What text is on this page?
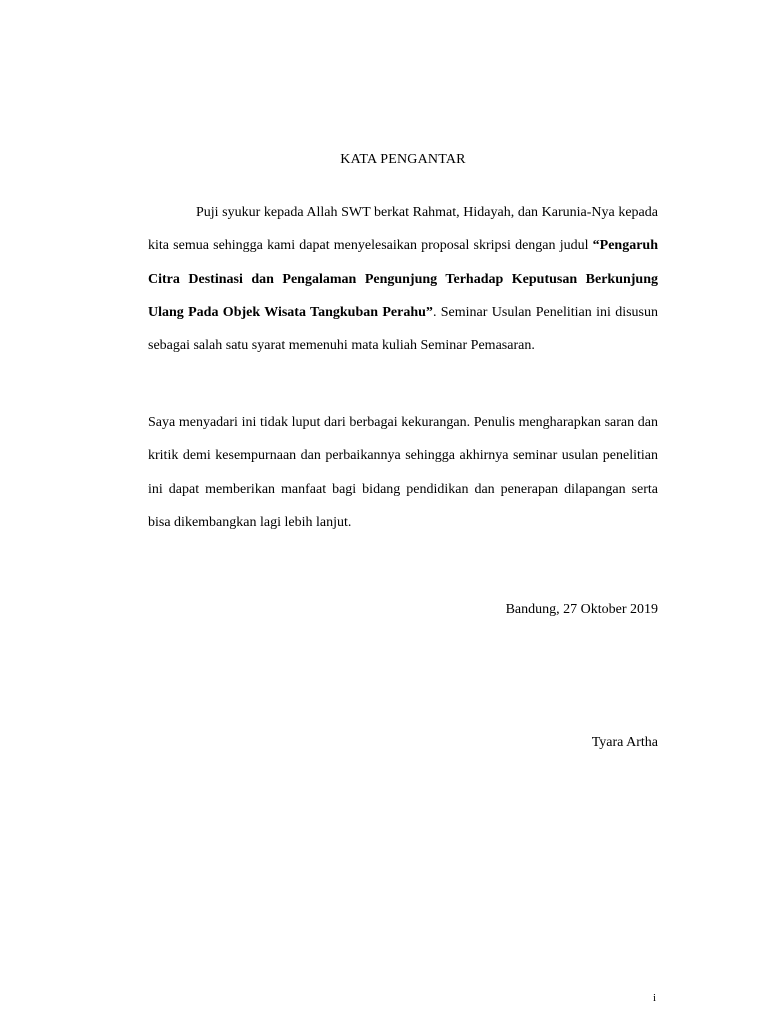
KATA PENGANTAR
Puji syukur kepada Allah SWT berkat Rahmat, Hidayah, dan Karunia-Nya kepada kita semua sehingga kami dapat menyelesaikan proposal skripsi dengan judul “Pengaruh Citra Destinasi dan Pengalaman Pengunjung Terhadap Keputusan Berkunjung Ulang Pada Objek Wisata Tangkuban Perahu”. Seminar Usulan Penelitian ini disusun sebagai salah satu syarat memenuhi mata kuliah Seminar Pemasaran.
Saya menyadari ini tidak luput dari berbagai kekurangan. Penulis mengharapkan saran dan kritik demi kesempurnaan dan perbaikannya sehingga akhirnya seminar usulan penelitian ini dapat memberikan manfaat bagi bidang pendidikan dan penerapan dilapangan serta bisa dikembangkan lagi lebih lanjut.
Bandung, 27 Oktober 2019
Tyara Artha
i
